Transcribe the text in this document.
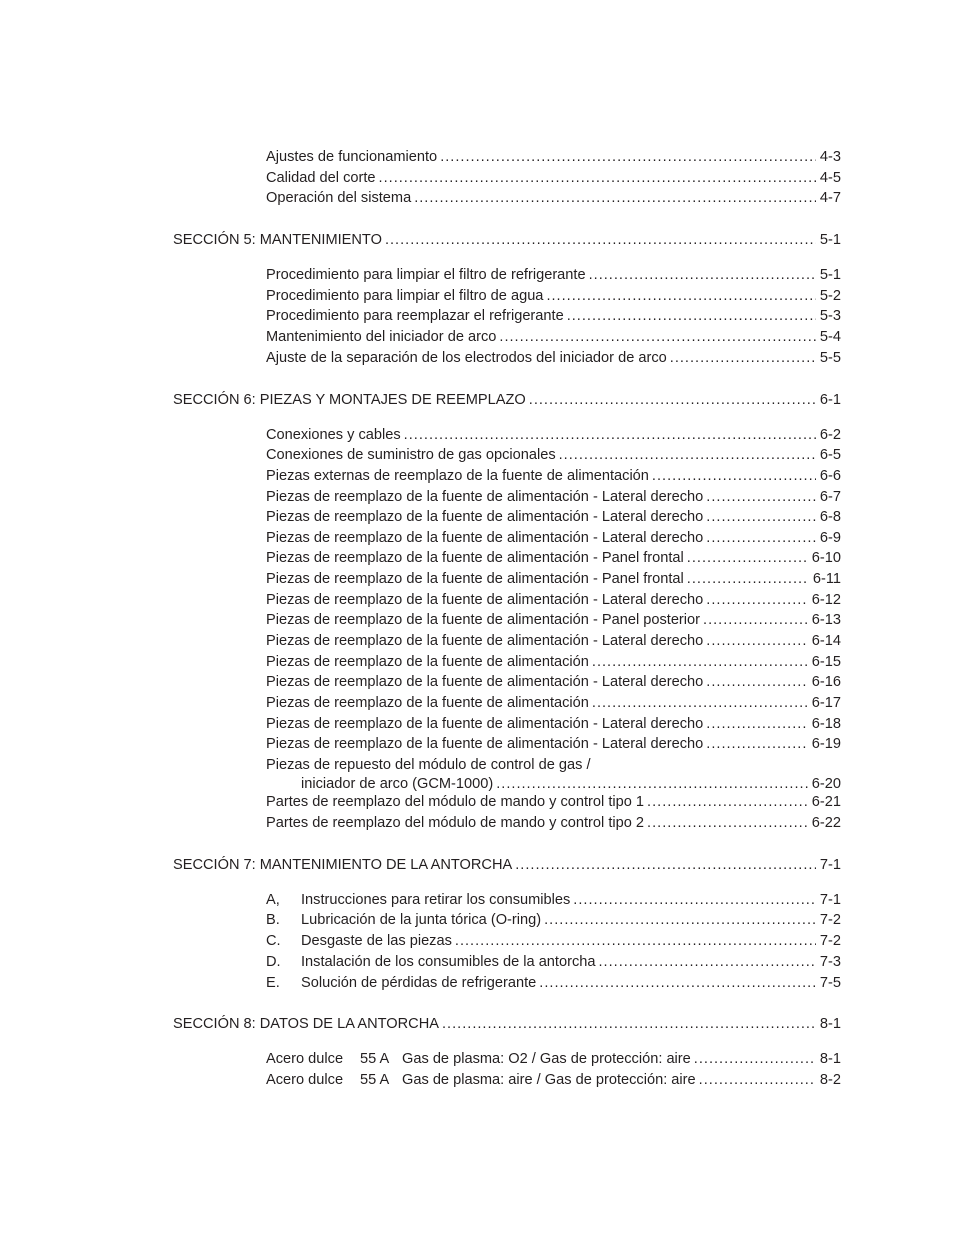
Ajustes de funcionamiento .....	4-3
Calidad del corte .....	4-5
Operación del sistema .....	4-7
SECCIÓN 5: MANTENIMIENTO .....	5-1
Procedimiento para limpiar el filtro de refrigerante .....	5-1
Procedimiento para limpiar el filtro de agua .....	5-2
Procedimiento para reemplazar el refrigerante .....	5-3
Mantenimiento del iniciador de arco .....	5-4
Ajuste de la separación de los electrodos del iniciador de arco .....	5-5
SECCIÓN 6: PIEZAS Y MONTAJES DE REEMPLAZO .....	6-1
Conexiones y cables .....	6-2
Conexiones de suministro de gas opcionales .....	6-5
Piezas externas de reemplazo de la fuente de alimentación .....	6-6
Piezas de reemplazo de la fuente de alimentación - Lateral derecho .....	6-7
Piezas de reemplazo de la fuente de alimentación - Lateral derecho .....	6-8
Piezas de reemplazo de la fuente de alimentación - Lateral derecho .....	6-9
Piezas de reemplazo de la fuente de alimentación - Panel frontal .....	6-10
Piezas de reemplazo de la fuente de alimentación - Panel frontal .....	6-11
Piezas de reemplazo de la fuente de alimentación - Lateral derecho .....	6-12
Piezas de reemplazo de la fuente de alimentación - Panel posterior .....	6-13
Piezas de reemplazo de la fuente de alimentación - Lateral derecho .....	6-14
Piezas de reemplazo de la fuente de alimentación .....	6-15
Piezas de reemplazo de la fuente de alimentación - Lateral derecho .....	6-16
Piezas de reemplazo de la fuente de alimentación .....	6-17
Piezas de reemplazo de la fuente de alimentación - Lateral derecho .....	6-18
Piezas de reemplazo de la fuente de alimentación - Lateral derecho .....	6-19
Piezas de repuesto del módulo de control de gas /
iniciador de arco (GCM-1000) .....	6-20
Partes de reemplazo del módulo de mando y control tipo 1 .....	6-21
Partes de reemplazo del módulo de mando y control tipo 2 .....	6-22
SECCIÓN 7: MANTENIMIENTO DE LA ANTORCHA .....	7-1
A,	Instrucciones para retirar los consumibles .....	7-1
B.	Lubricación de la junta tórica (O-ring) .....	7-2
C.	Desgaste de las piezas .....	7-2
D.	Instalación de los consumibles de la antorcha .....	7-3
E.	Solución de pérdidas de refrigerante .....	7-5
SECCIÓN 8: DATOS DE LA ANTORCHA .....	8-1
Acero dulce	55 A Gas de plasma: O2 / Gas de protección: aire .....	8-1
Acero dulce	55 A Gas de plasma: aire / Gas de protección: aire .....	8-2
